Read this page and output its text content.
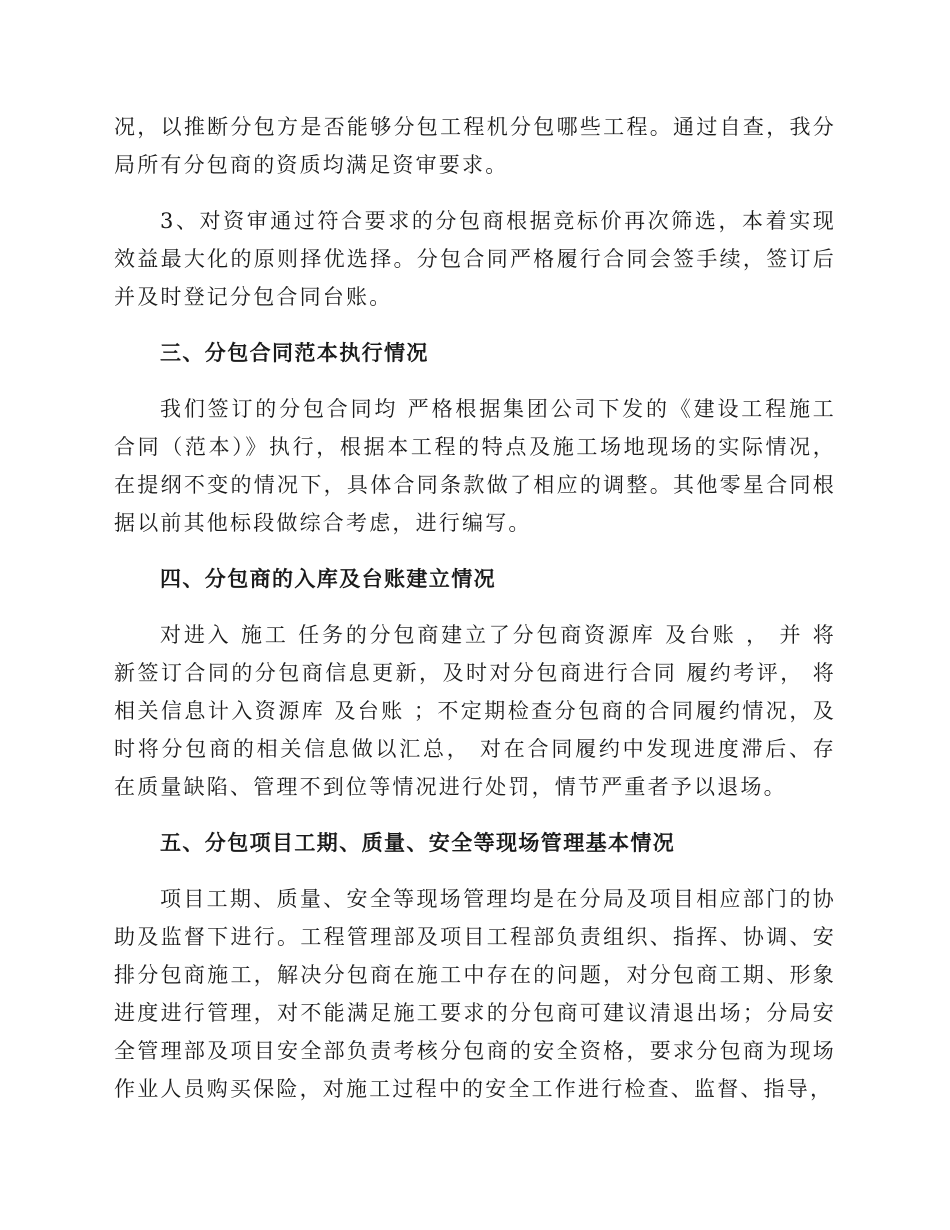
况，以推断分包方是否能够分包工程机分包哪些工程。通过自查，我分局所有分包商的资质均满足资审要求。

3、对资审通过符合要求的分包商根据竞标价再次筛选，本着实现效益最大化的原则择优选择。分包合同严格履行合同会签手续，签订后并及时登记分包合同台账。

三、分包合同范本执行情况

我们签订的分包合同均 严格根据集团公司下发的《建设工程施工合同（范本）》执行，根据本工程的特点及施工场地现场的实际情况，在提纲不变的情况下，具体合同条款做了相应的调整。其他零星合同根据以前其他标段做综合考虑，进行编写。

四、分包商的入库及台账建立情况

对进入 施工 任务的分包商建立了分包商资源库 及台账 ， 并 将新签订合同的分包商信息更新，及时对分包商进行合同 履约考评， 将相关信息计入资源库 及台账 ；不定期检查分包商的合同履约情况，及时将分包商的相关信息做以汇总， 对在合同履约中发现进度滞后、存在质量缺陷、管理不到位等情况进行处罚，情节严重者予以退场。

五、分包项目工期、质量、安全等现场管理基本情况

项目工期、质量、安全等现场管理均是在分局及项目相应部门的协助及监督下进行。工程管理部及项目工程部负责组织、指挥、协调、安排分包商施工，解决分包商在施工中存在的问题，对分包商工期、形象进度进行管理，对不能满足施工要求的分包商可建议清退出场；分局安全管理部及项目安全部负责考核分包商的安全资格，要求分包商为现场作业人员购买保险，对施工过程中的安全工作进行检查、监督、指导，
